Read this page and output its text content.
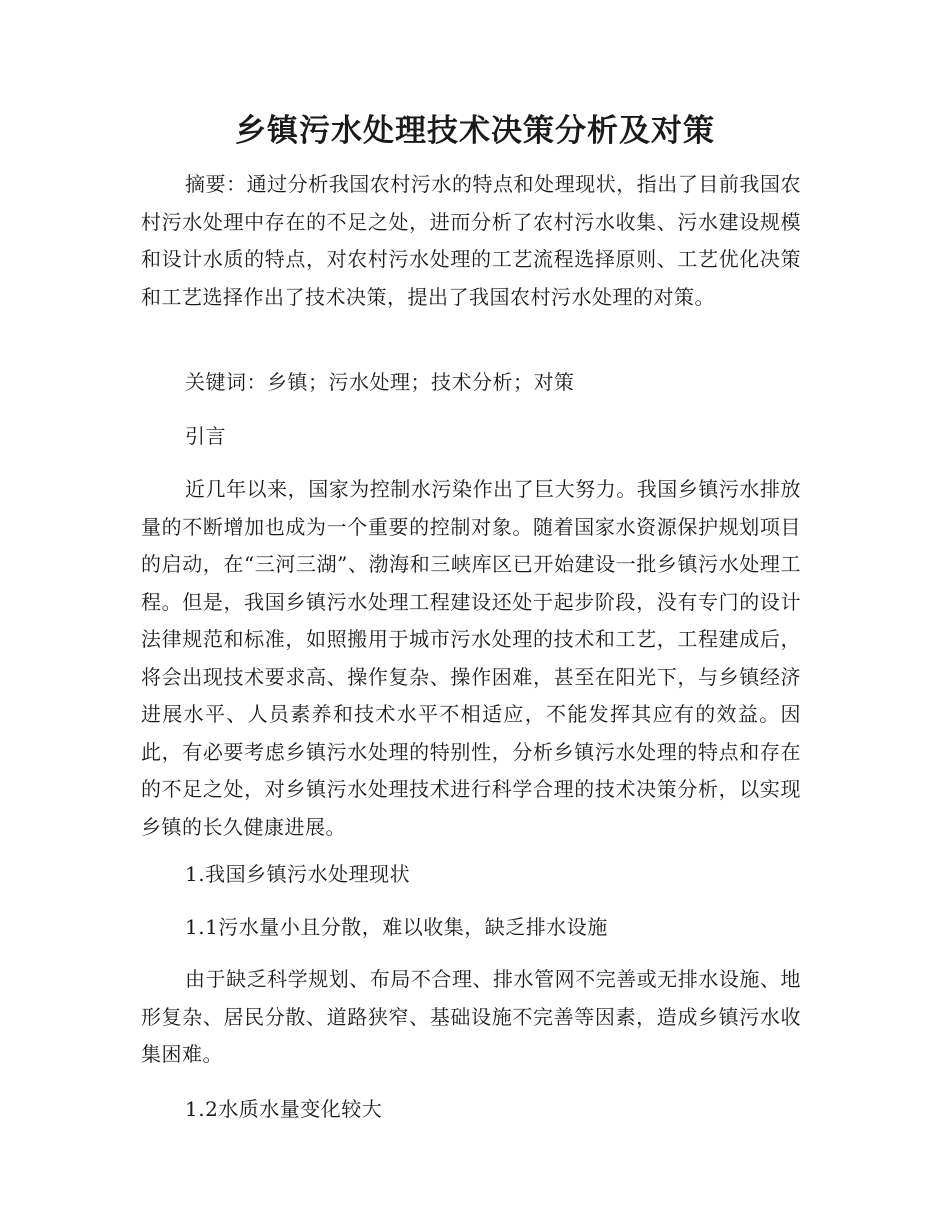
乡镇污水处理技术决策分析及对策

摘要：通过分析我国农村污水的特点和处理现状，指出了目前我国农村污水处理中存在的不足之处，进而分析了农村污水收集、污水建设规模和设计水质的特点，对农村污水处理的工艺流程选择原则、工艺优化决策和工艺选择作出了技术决策，提出了我国农村污水处理的对策。

关键词：乡镇；污水处理；技术分析；对策

引言

近几年以来，国家为控制水污染作出了巨大努力。我国乡镇污水排放量的不断增加也成为一个重要的控制对象。随着国家水资源保护规划项目的启动，在“三河三湖”、渤海和三峡库区已开始建设一批乡镇污水处理工程。但是，我国乡镇污水处理工程建设还处于起步阶段，没有专门的设计法律规范和标准，如照搬用于城市污水处理的技术和工艺，工程建成后，将会出现技术要求高、操作复杂、操作困难，甚至在阳光下，与乡镇经济进展水平、人员素养和技术水平不相适应，不能发挥其应有的效益。因此，有必要考虑乡镇污水处理的特别性，分析乡镇污水处理的特点和存在的不足之处，对乡镇污水处理技术进行科学合理的技术决策分析，以实现乡镇的长久健康进展。

1.我国乡镇污水处理现状

1.1污水量小且分散，难以收集，缺乏排水设施

由于缺乏科学规划、布局不合理、排水管网不完善或无排水设施、地形复杂、居民分散、道路狭窄、基础设施不完善等因素，造成乡镇污水收集困难。

1.2水质水量变化较大
